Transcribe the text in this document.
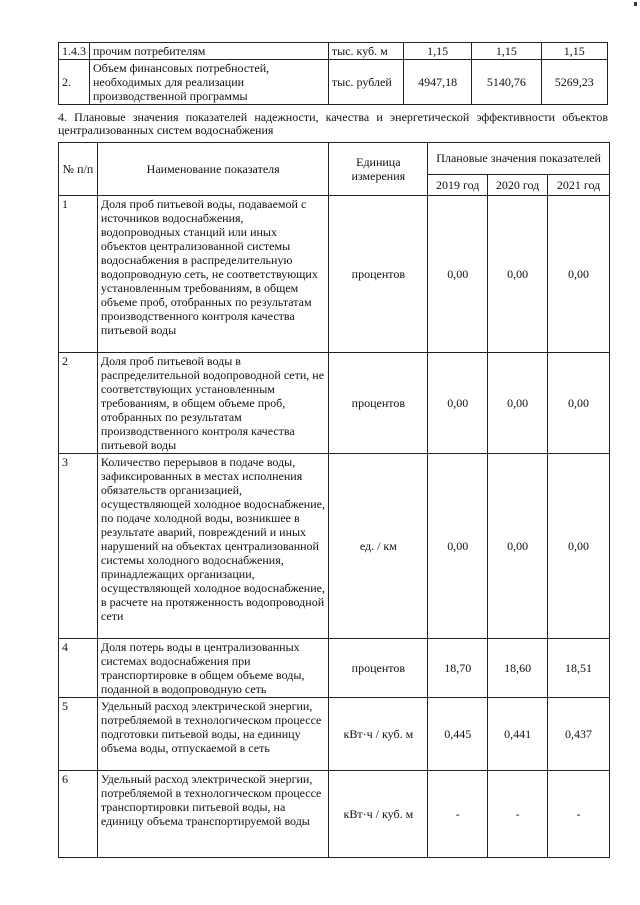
1.4.3	прочим потребителям	тыс. куб. м	1,15	1,15	1,15
2.	Объем финансовых потребностей, необходимых для реализации производственной программы	тыс. рублей	4947,18	5140,76	5269,23
4. Плановые значения показателей надежности, качества и энергетической эффективности объектов централизованных систем водоснабжения
№ п/п	Наименование показателя	Единица измерения	Плановые значения показателей		
			2019 год	2020 год	2021 год
1	Доля проб питьевой воды, подаваемой с источников водоснабжения, водопроводных станций или иных объектов централизованной системы водоснабжения в распределительную водопроводную сеть, не соответствующих установленным требованиям, в общем объеме проб, отобранных по результатам производственного контроля качества питьевой воды	процентов	0,00	0,00	0,00
2	Доля проб питьевой воды в распределительной водопроводной сети, не соответствующих установленным требованиям, в общем объеме проб, отобранных по результатам производственного контроля качества питьевой воды	процентов	0,00	0,00	0,00
3	Количество перерывов в подаче воды, зафиксированных в местах исполнения обязательств организацией, осуществляющей холодное водоснабжение, по подаче холодной воды, возникшее в результате аварий, повреждений и иных нарушений на объектах централизованной системы холодного водоснабжения, принадлежащих организации, осуществляющей холодное водоснабжение, в расчете на протяженность водопроводной сети	ед. / км	0,00	0,00	0,00
4	Доля потерь воды в централизованных системах водоснабжения при транспортировке в общем объеме воды, поданной в водопроводную сеть	процентов	18,70	18,60	18,51
5	Удельный расход электрической энергии, потребляемой в технологическом процессе подготовки питьевой воды, на единицу объема воды, отпускаемой в сеть	кВт·ч / куб. м	0,445	0,441	0,437
6	Удельный расход электрической энергии, потребляемой в технологическом процессе транспортировки питьевой воды, на единицу объема транспортируемой воды	кВт·ч / куб. м	-	-	-
